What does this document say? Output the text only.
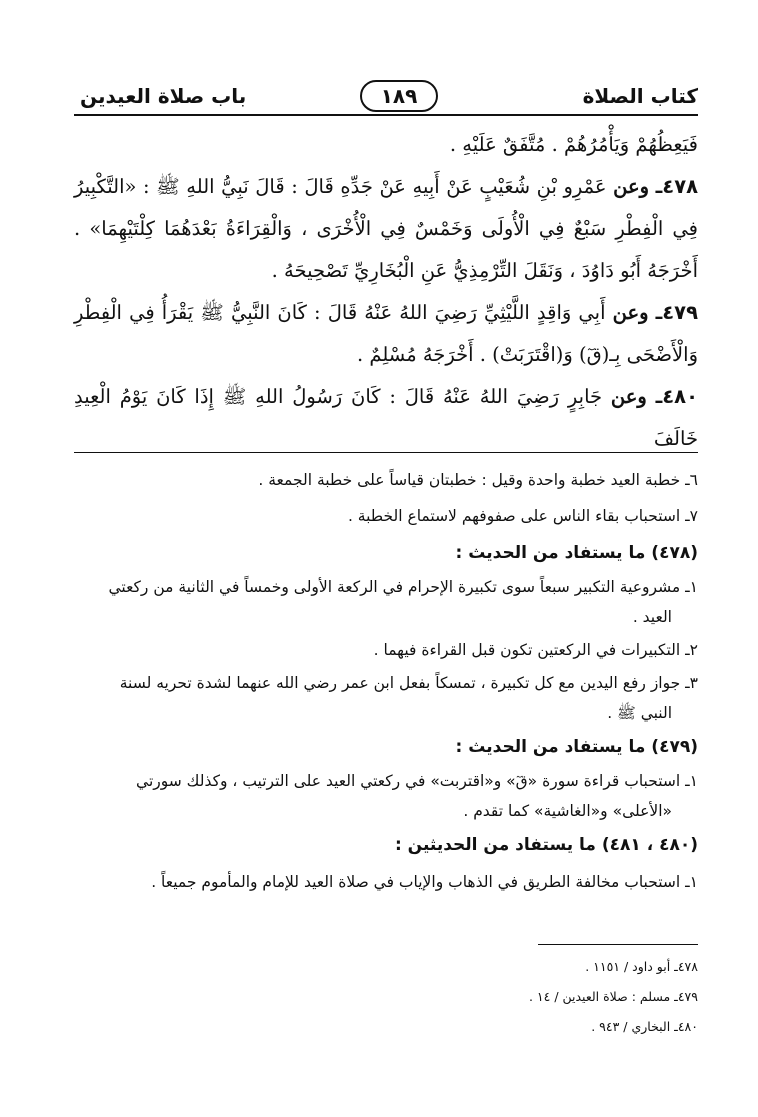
كتاب الصلاة
١٨٩
باب صلاة العيدين
فَيَعِظُهُمْ وَيَأْمُرُهُمْ . مُتَّفَقٌ عَلَيْهِ .
٤٧٨ـ وعن عَمْرِو بْنِ شُعَيْبٍ عَنْ أَبِيهِ عَنْ جَدِّهِ قَالَ : قَالَ نَبِيُّ اللهِ ﷺ : «التَّكْبِيرُ فِي الْفِطْرِ سَبْعٌ فِي الْأُولَى وَخَمْسٌ فِي الْأُخْرَى ، وَالْقِرَاءَةُ بَعْدَهُمَا كِلْتَيْهِمَا» . أَخْرَجَهُ أَبُو دَاوُدَ ، وَنَقَلَ التِّرْمِذِيُّ عَنِ الْبُخَارِيِّ تَصْحِيحَهُ .
٤٧٩ـ وعن أَبِي وَاقِدٍ اللَّيْثِيِّ رَضِيَ اللهُ عَنْهُ قَالَ : كَانَ النَّبِيُّ ﷺ يَقْرَأُ فِي الْفِطْرِ وَالْأَضْحَى بِـ(قٓ) وَ(اقْتَرَبَتْ) . أَخْرَجَهُ مُسْلِمٌ .
٤٨٠ـ وعن جَابِرٍ رَضِيَ اللهُ عَنْهُ قَالَ : كَانَ رَسُولُ اللهِ ﷺ إِذَا كَانَ يَوْمُ الْعِيدِ خَالَفَ
٦ـ خطبة العيد خطبة واحدة وقيل : خطبتان قياساً على خطبة الجمعة .
٧ـ استحباب بقاء الناس على صفوفهم لاستماع الخطبة .
(٤٧٨) ما يستفاد من الحديث :
١ـ مشروعية التكبير سبعاً سوى تكبيرة الإحرام في الركعة الأولى وخمساً في الثانية من ركعتي
العيد .
٢ـ التكبيرات في الركعتين تكون قبل القراءة فيهما .
٣ـ جواز رفع اليدين مع كل تكبيرة ، تمسكاً بفعل ابن عمر رضي الله عنهما لشدة تحريه لسنة
النبي ﷺ .
(٤٧٩) ما يستفاد من الحديث :
١ـ استحباب قراءة سورة «قٓ» و«اقتربت» في ركعتي العيد على الترتيب ، وكذلك سورتي
«الأعلى» و«الغاشية» كما تقدم .
(٤٨٠ ، ٤٨١) ما يستفاد من الحديثين :
١ـ استحباب مخالفة الطريق في الذهاب والإياب في صلاة العيد للإمام والمأموم جميعاً .
٤٧٨ـ أبو داود / ١١٥١ .
٤٧٩ـ مسلم : صلاة العيدين / ١٤ .
٤٨٠ـ البخاري / ٩٤٣ .
